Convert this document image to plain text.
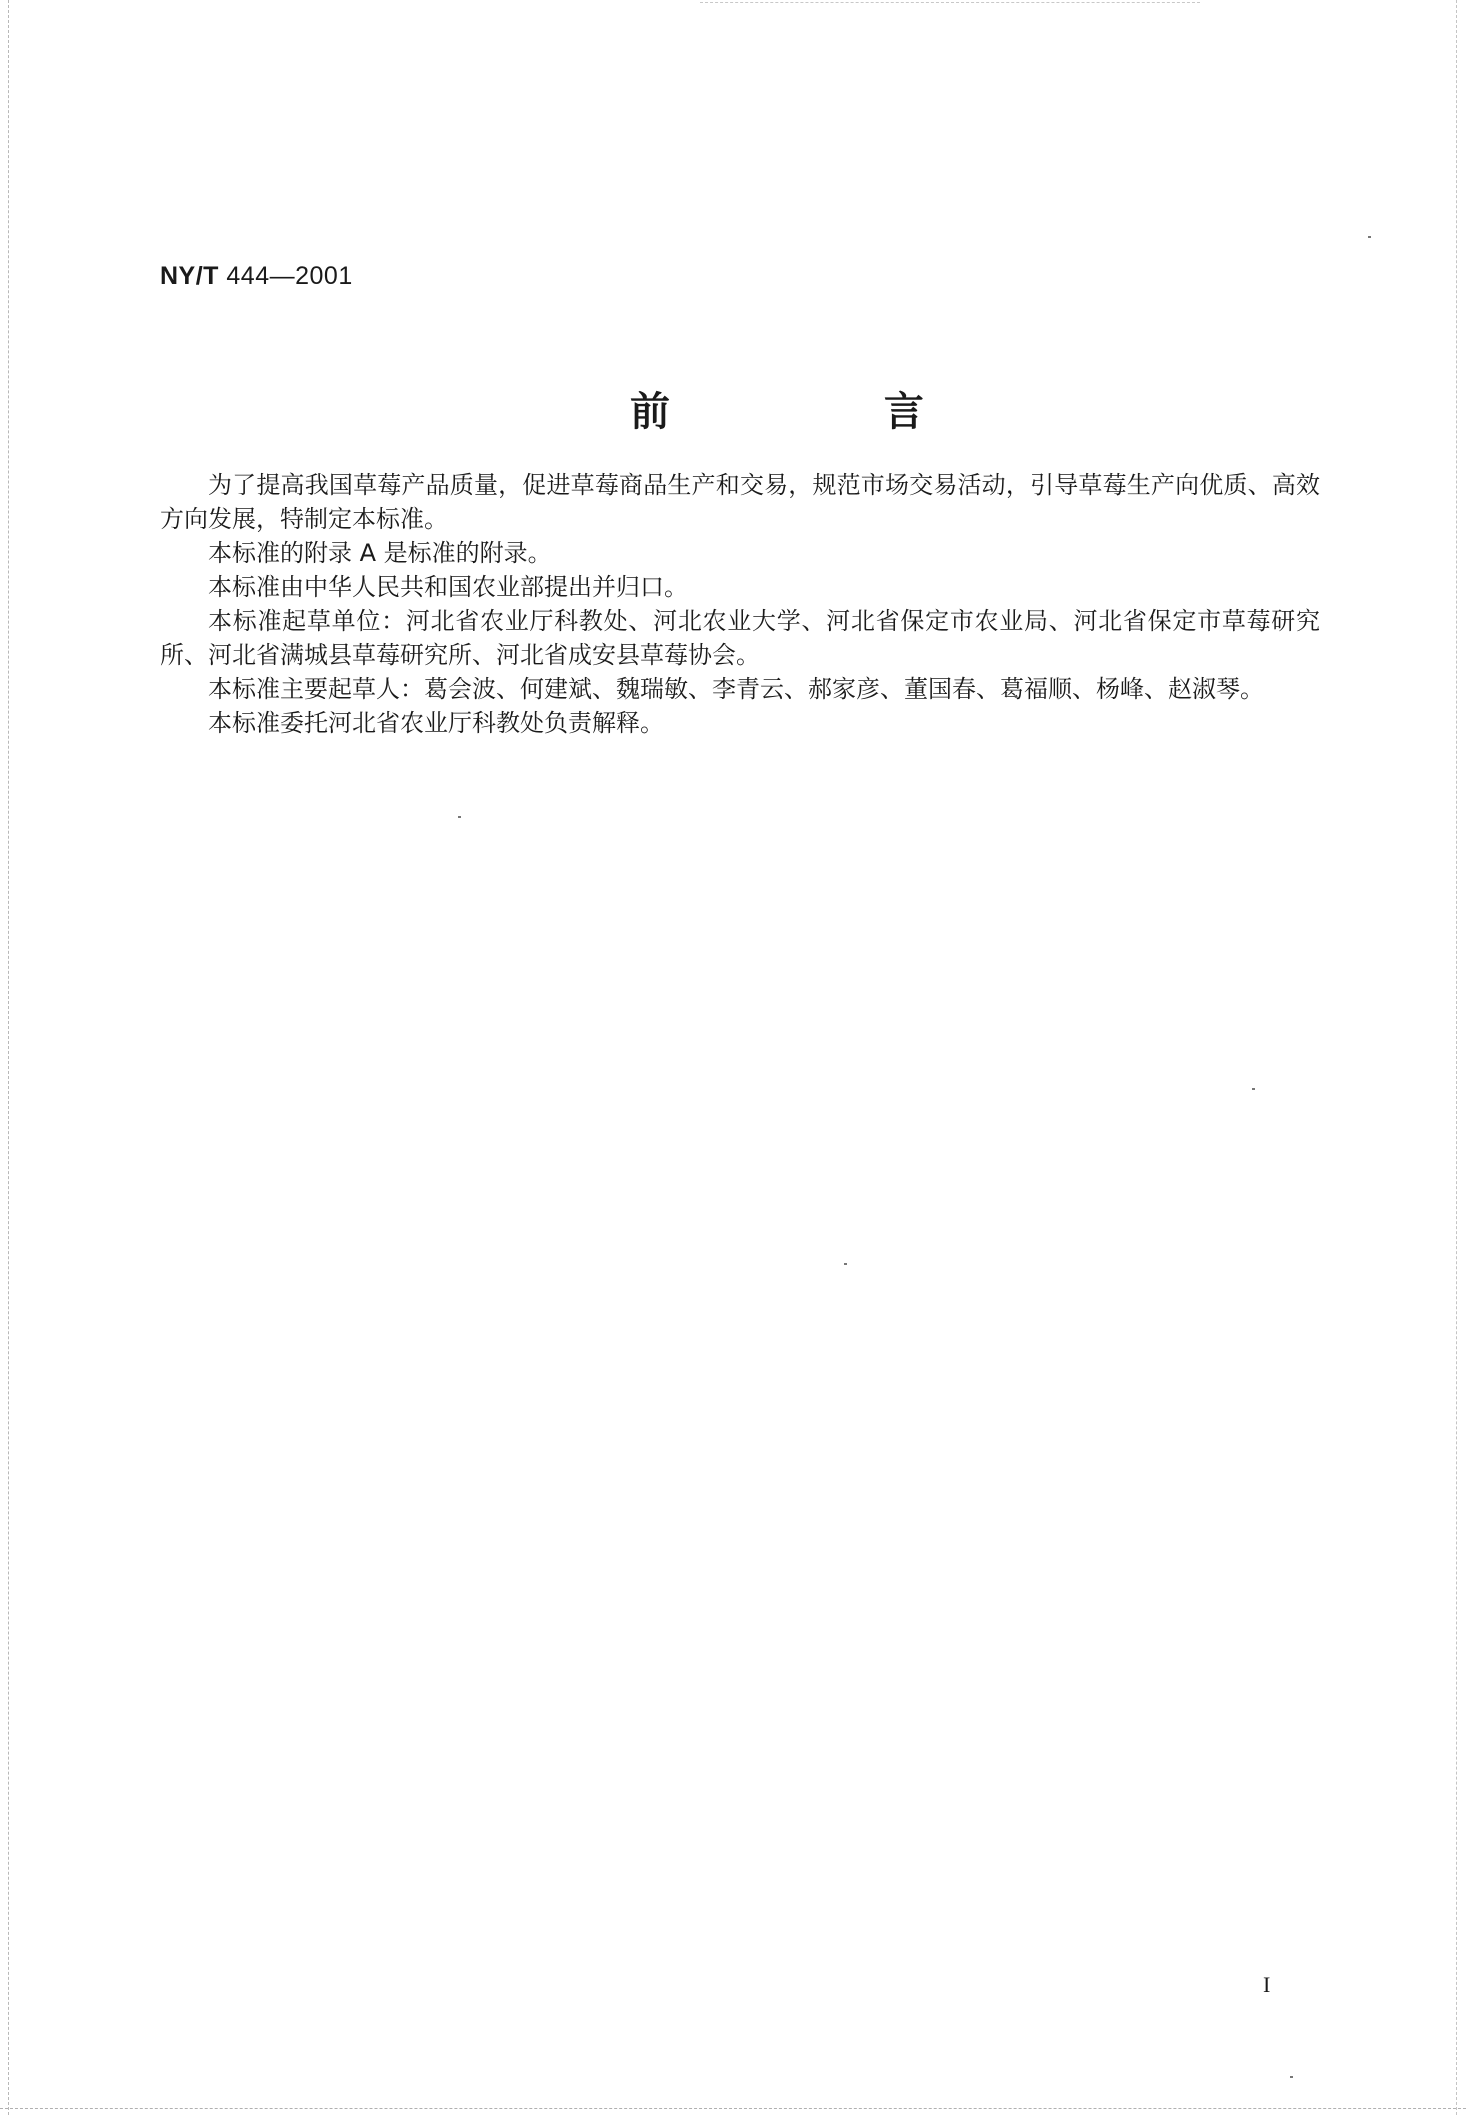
NY/T 444—2001
前 言

为了提高我国草莓产品质量，促进草莓商品生产和交易，规范市场交易活动，引导草莓生产向优质、高效方向发展，特制定本标准。

本标准的附录 A 是标准的附录。

本标准由中华人民共和国农业部提出并归口。

本标准起草单位：河北省农业厅科教处、河北农业大学、河北省保定市农业局、河北省保定市草莓研究所、河北省满城县草莓研究所、河北省成安县草莓协会。

本标准主要起草人：葛会波、何建斌、魏瑞敏、李青云、郝家彦、董国春、葛福顺、杨峰、赵淑琴。

本标准委托河北省农业厅科教处负责解释。

I
